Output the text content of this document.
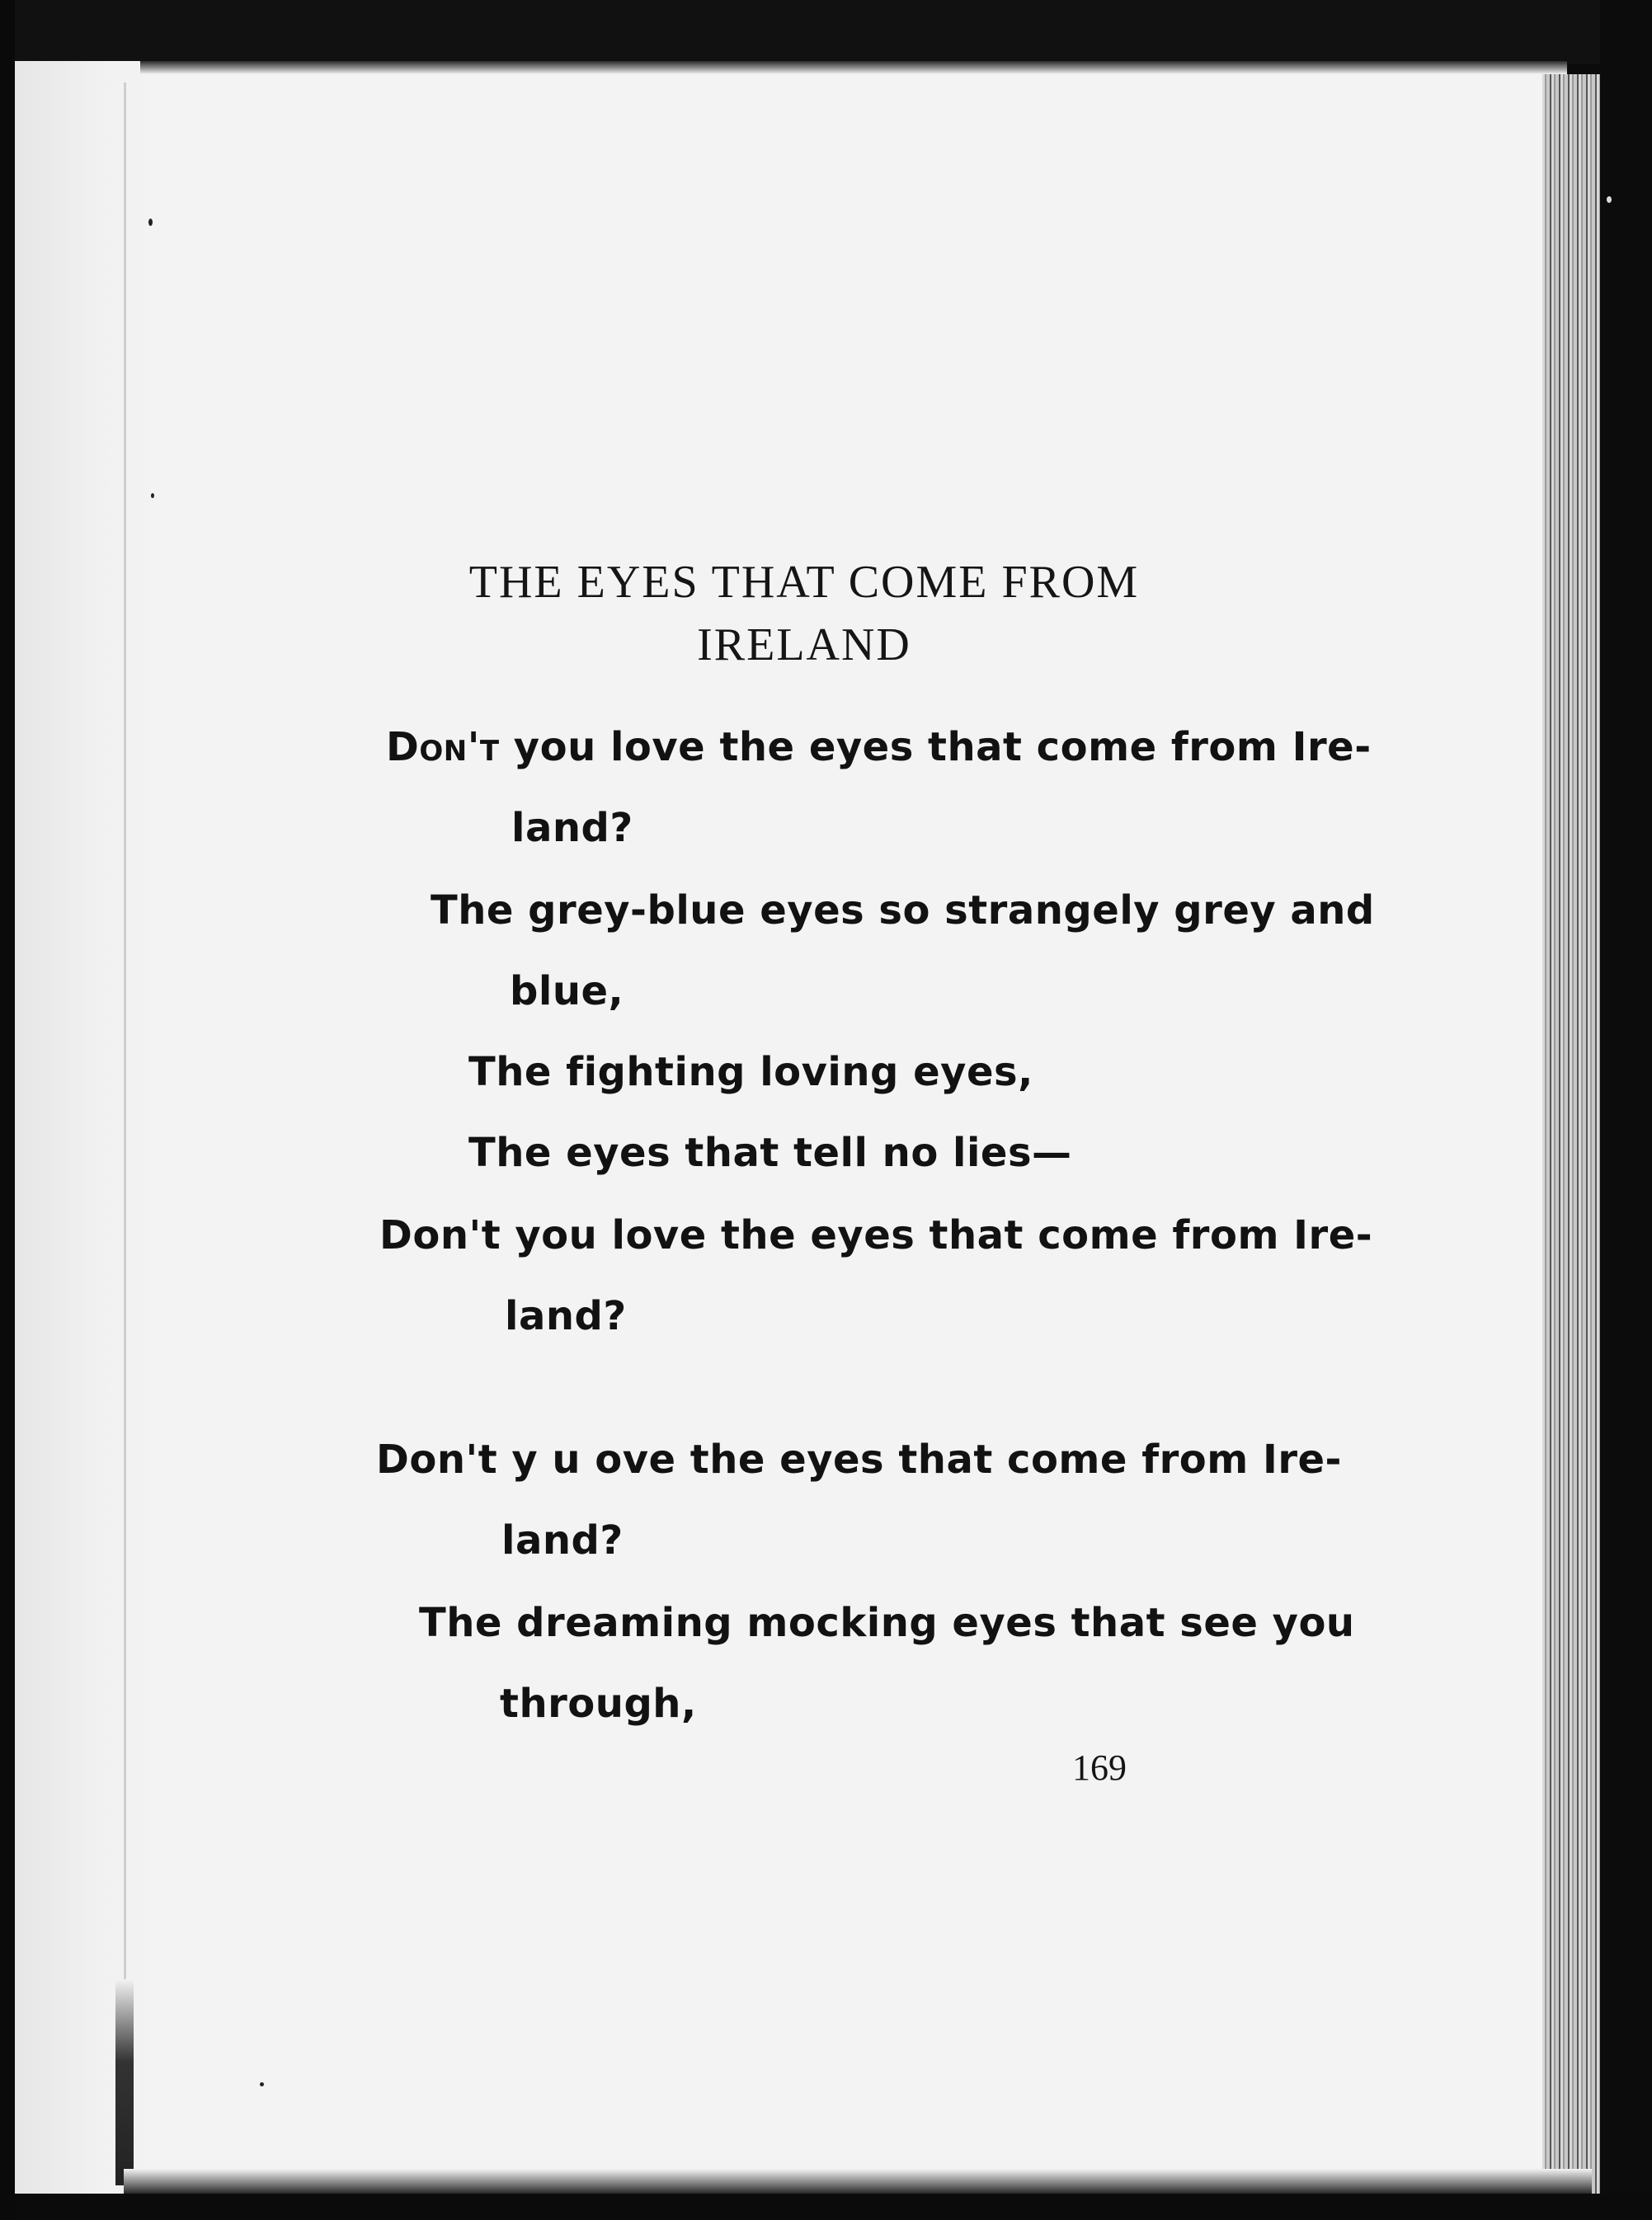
THE EYES THAT COME FROM
IRELAND
Don't you love the eyes that come from Ire-
land?
The grey-blue eyes so strangely grey and
blue,
The fighting loving eyes,
The eyes that tell no lies—
Don't you love the eyes that come from Ire-
land?
Don't y u ove the eyes that come from Ire-
land?
The dreaming mocking eyes that see you
through,
169
